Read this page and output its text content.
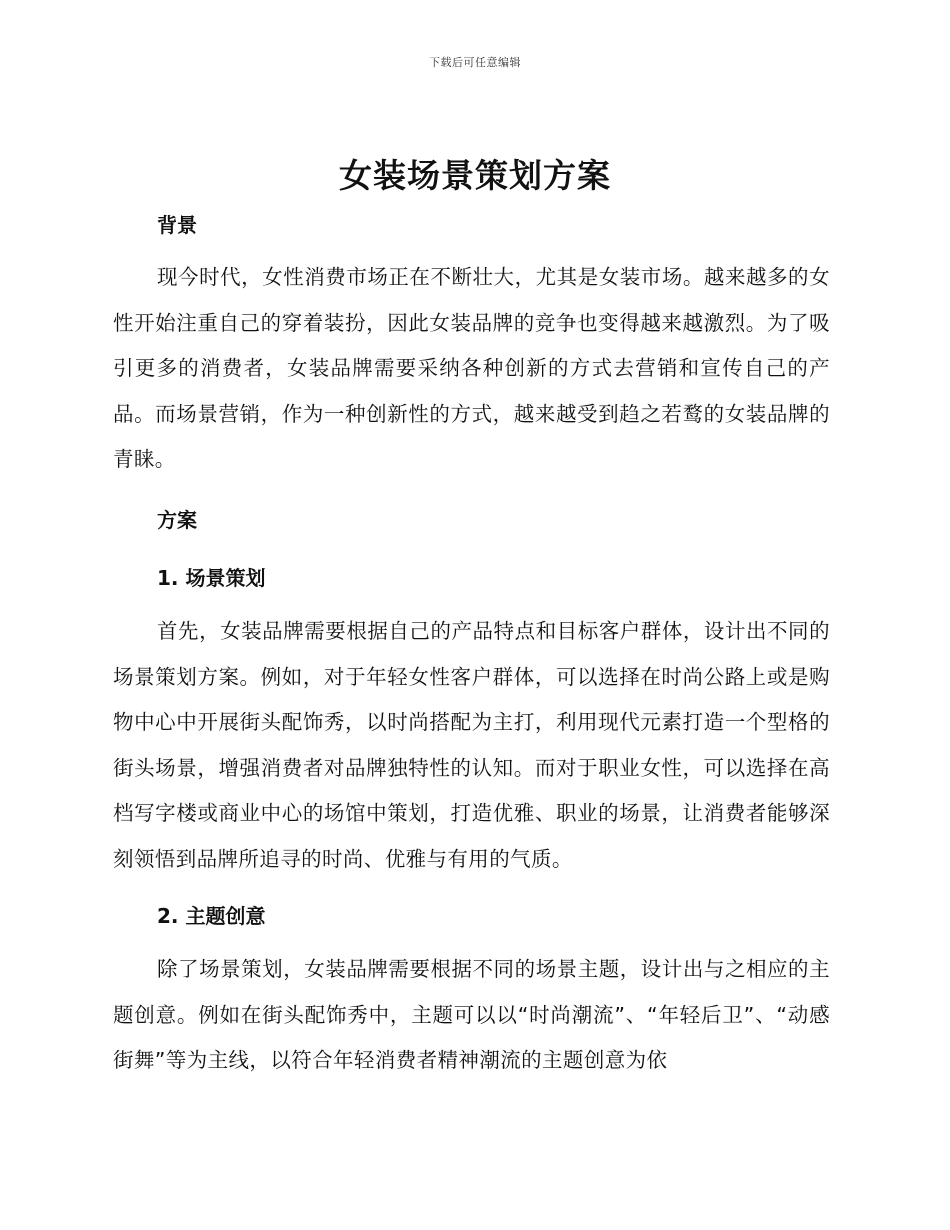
下载后可任意编辑
女装场景策划方案
背景

现今时代，女性消费市场正在不断壮大，尤其是女装市场。越来越多的女性开始注重自己的穿着装扮，因此女装品牌的竞争也变得越来越激烈。为了吸引更多的消费者，女装品牌需要采纳各种创新的方式去营销和宣传自己的产品。而场景营销，作为一种创新性的方式，越来越受到趋之若鹜的女装品牌的青睐。

方案
1. 场景策划

首先，女装品牌需要根据自己的产品特点和目标客户群体，设计出不同的场景策划方案。例如，对于年轻女性客户群体，可以选择在时尚公路上或是购物中心中开展街头配饰秀，以时尚搭配为主打，利用现代元素打造一个型格的街头场景，增强消费者对品牌独特性的认知。而对于职业女性，可以选择在高档写字楼或商业中心的场馆中策划，打造优雅、职业的场景，让消费者能够深刻领悟到品牌所追寻的时尚、优雅与有用的气质。

2. 主题创意

除了场景策划，女装品牌需要根据不同的场景主题，设计出与之相应的主题创意。例如在街头配饰秀中，主题可以以“时尚潮流”、“年轻后卫”、“动感街舞”等为主线，以符合年轻消费者精神潮流的主题创意为依
